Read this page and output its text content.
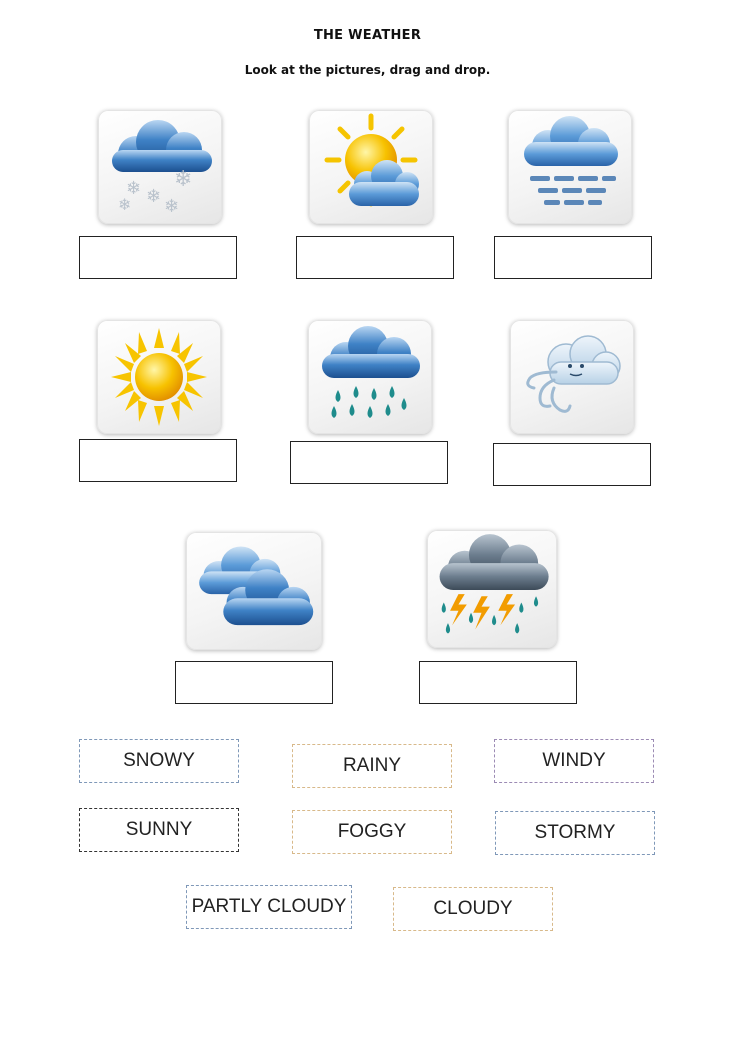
THE WEATHER
Look at the pictures, drag and drop.
❄ ❄
❄
❄ ❄
SNOWY	RAINY	WINDY
SUNNY	FOGGY	STORMY
PARTLY CLOUDY	CLOUDY
